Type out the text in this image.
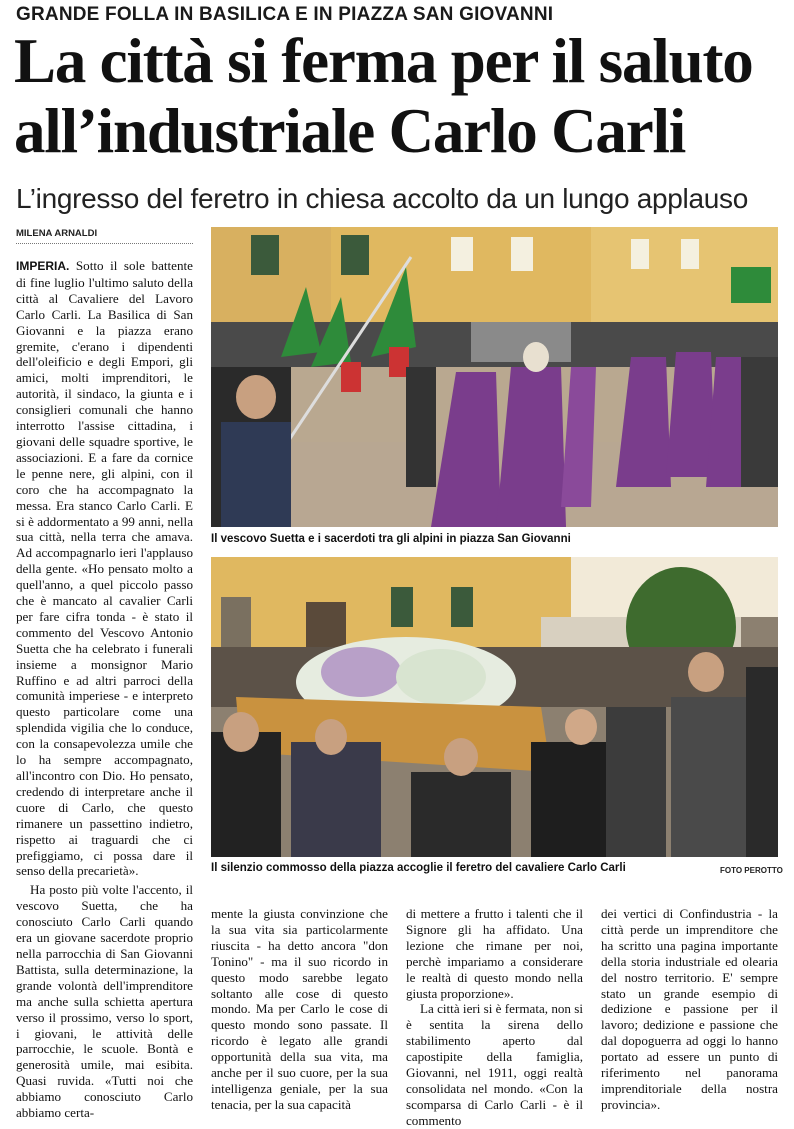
GRANDE FOLLA IN BASILICA E IN PIAZZA SAN GIOVANNI
La città si ferma per il saluto
all’industriale Carlo Carli
L’ingresso del feretro in chiesa accolto da un lungo applauso
MILENA ARNALDI

IMPERIA. Sotto il sole battente di fine luglio l'ultimo saluto della città al Cavaliere del Lavoro Carlo Carli. La Basilica di San Giovanni e la piazza erano gremite, c'erano i dipendenti dell'oleificio e degli Empori, gli amici, molti imprenditori, le autorità, il sindaco, la giunta e i consiglieri comunali che hanno interrotto l'assise cittadina, i giovani delle squadre sportive, le associazioni. E a fare da cornice le penne nere, gli alpini, con il coro che ha accompagnato la messa. Era stanco Carlo Carli. E si è addormentato a 99 anni, nella sua città, nella terra che amava. Ad accompagnarlo ieri l'applauso della gente. «Ho pensato molto a quell'anno, a quel piccolo passo che è mancato al cavalier Carli per fare cifra tonda - è stato il commento del Vescovo Antonio Suetta che ha celebrato i funerali insieme a monsignor Mario Ruffino e ad altri parroci della comunità imperiese - e interpreto questo particolare come una splendida vigilia che lo conduce, con la consapevolezza umile che lo ha sempre accompagnato, all'incontro con Dio. Ho pensato, credendo di interpretare anche il cuore di Carlo, che questo rimanere un passettino indietro, rispetto ai traguardi che ci prefiggiamo, ci possa dare il senso della precarietà».

Ha posto più volte l'accento, il vescovo Suetta, che ha conosciuto Carlo Carli quando era un giovane sacerdote proprio nella parrocchia di San Giovanni Battista, sulla determinazione, la grande volontà dell'imprenditore ma anche sulla schietta apertura verso il prossimo, verso lo sport, i giovani, le attività delle parrocchie, le scuole. Bontà e generosità umile, mai esibita. Quasi ruvida. «Tutti noi che abbiamo conosciuto Carlo abbiamo certa-

Il vescovo Suetta e i sacerdoti tra gli alpini in piazza San Giovanni
Il silenzio commosso della piazza accoglie il feretro del cavaliere Carlo Carli	FOTO PEROTTO

mente la giusta convinzione che la sua vita sia particolarmente riuscita - ha detto ancora "don Tonino" - ma il suo ricordo in questo modo sarebbe legato soltanto alle cose di questo mondo. Ma per Carlo le cose di questo mondo sono passate. Il ricordo è legato alle grandi opportunità della sua vita, ma anche per il suo cuore, per la sua intelligenza geniale, per la sua tenacia, per la sua capacità

di mettere a frutto i talenti che il Signore gli ha affidato. Una lezione che rimane per noi, perchè impariamo a considerare le realtà di questo mondo nella giusta proporzione».

La città ieri si è fermata, non si è sentita la sirena dello stabilimento aperto dal capostipite della famiglia, Giovanni, nel 1911, oggi realtà consolidata nel mondo. «Con la scomparsa di Carlo Carli - è il commento

dei vertici di Confindustria - la città perde un imprenditore che ha scritto una pagina importante della storia industriale ed olearia del nostro territorio. E' sempre stato un grande esempio di dedizione e passione per il lavoro; dedizione e passione che dal dopoguerra ad oggi lo hanno portato ad essere un punto di riferimento nel panorama imprenditoriale della nostra provincia».
